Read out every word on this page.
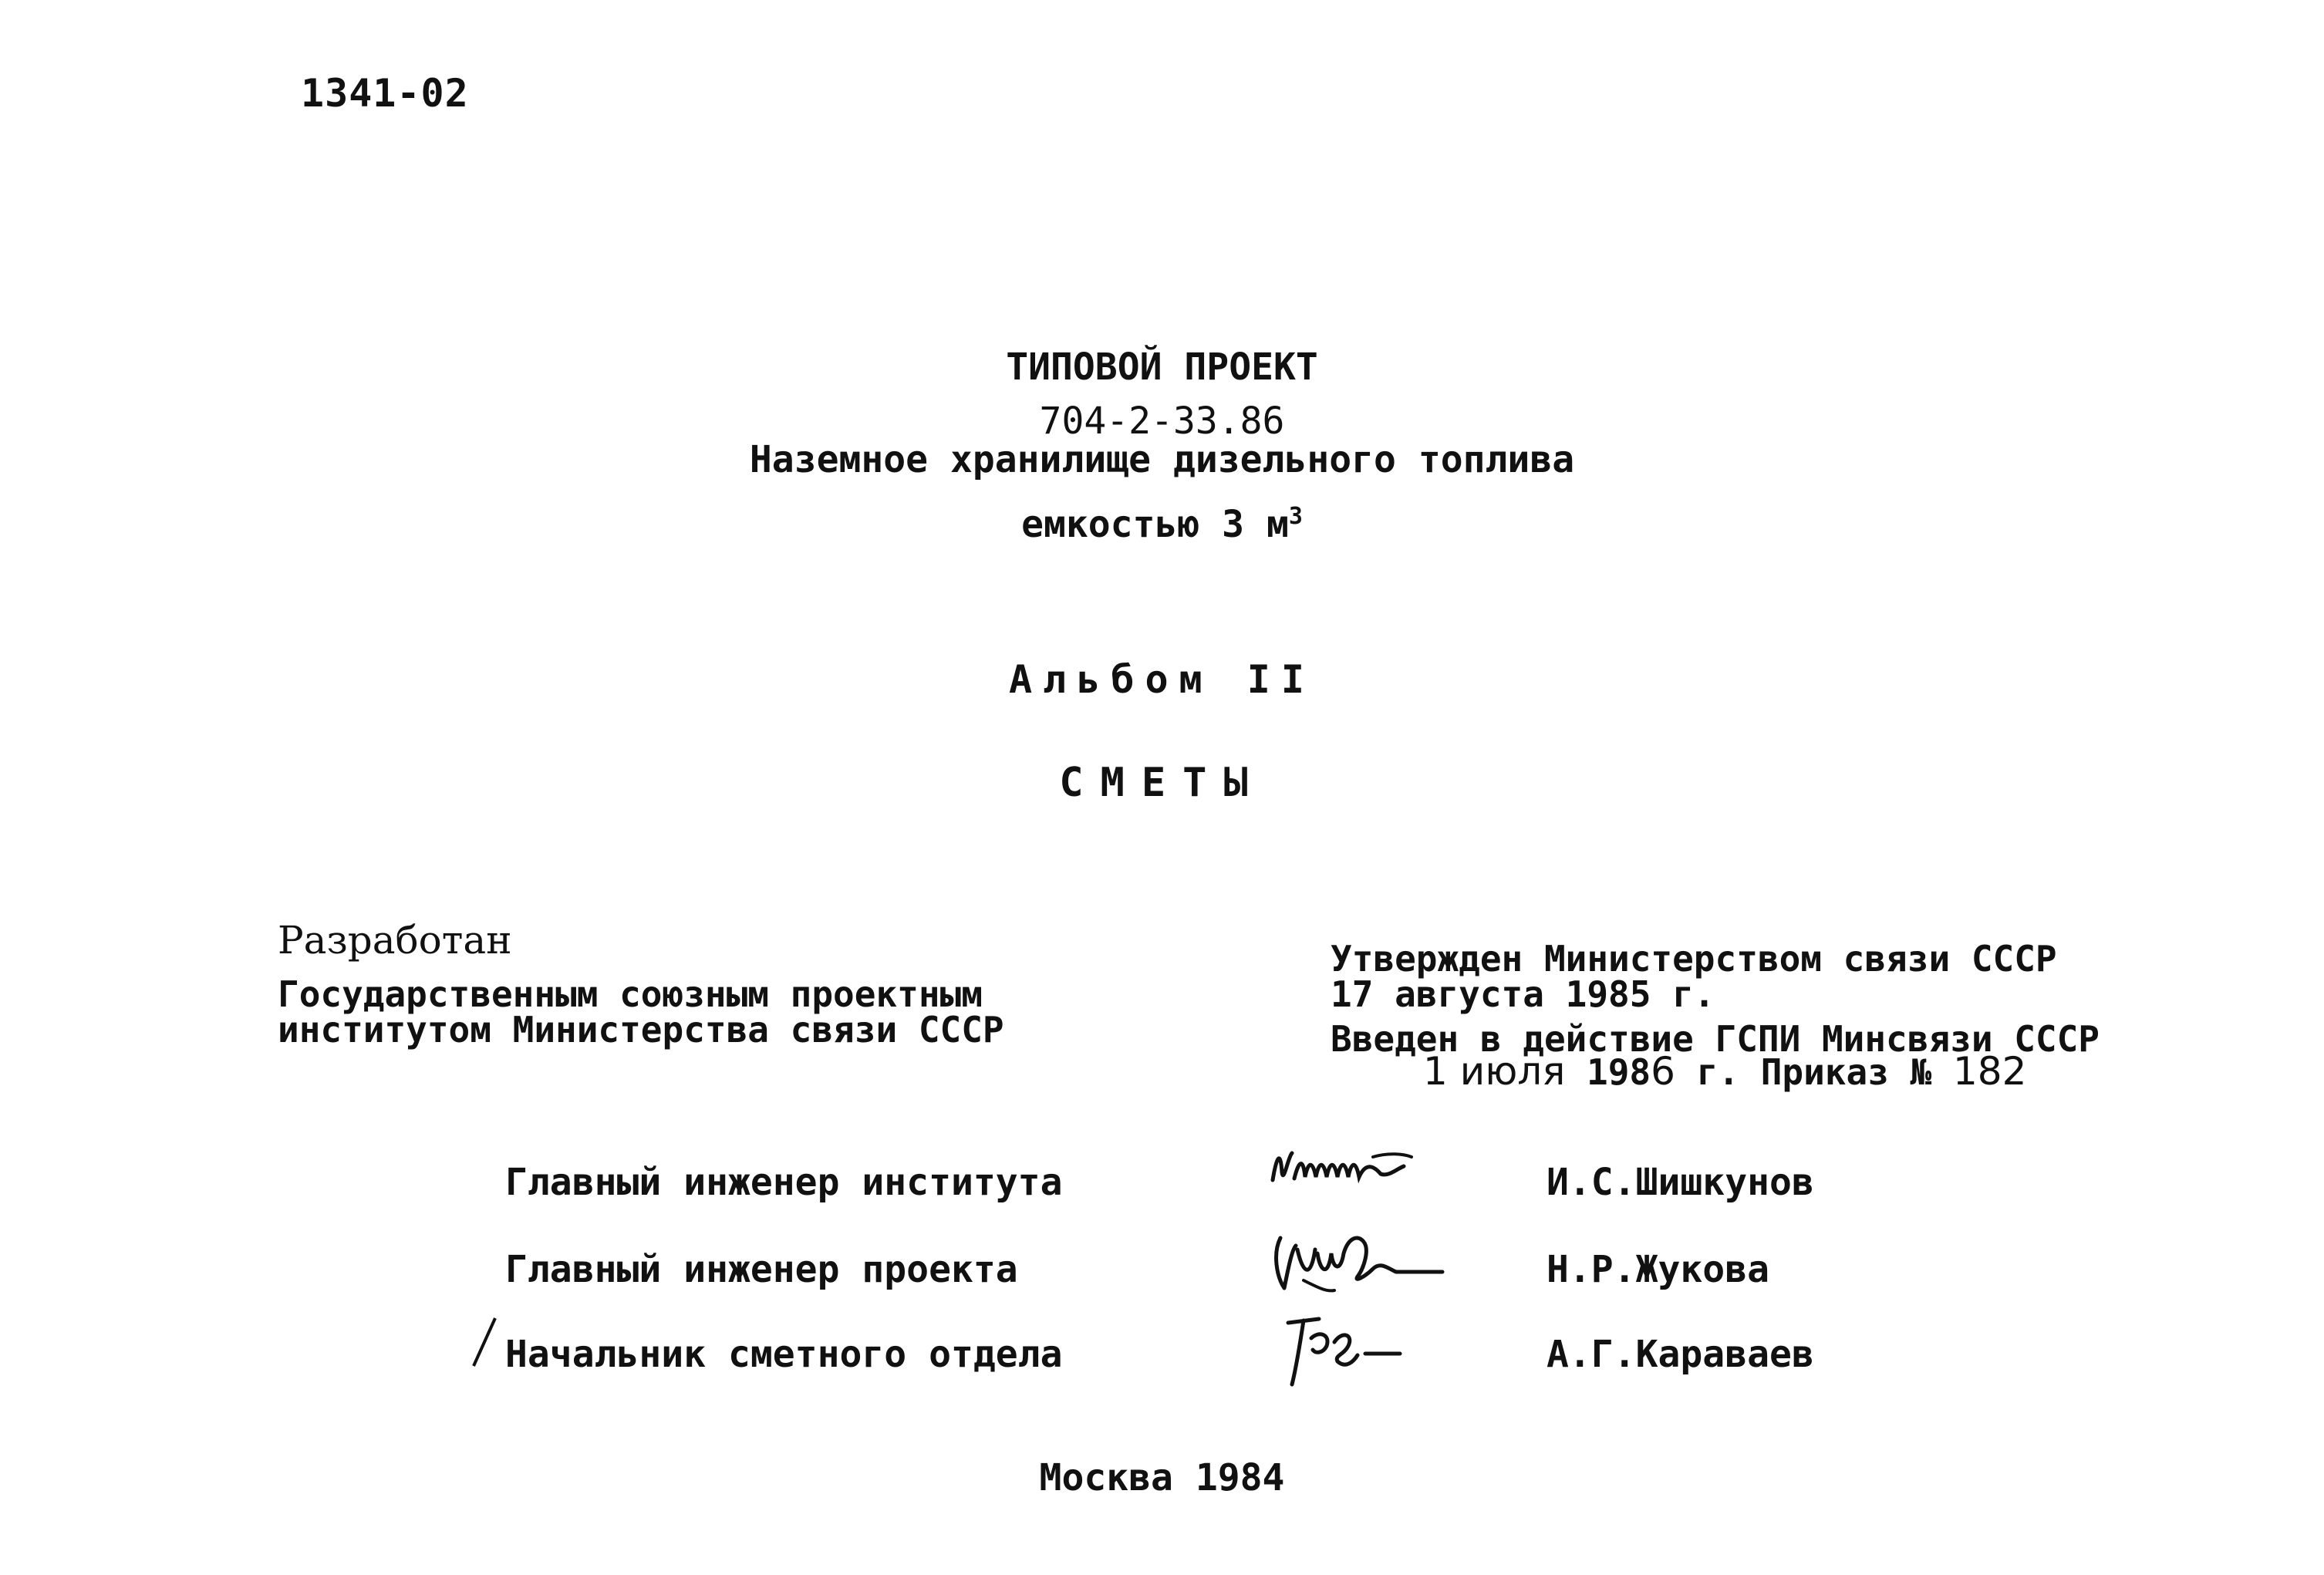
1341-02
ТИПОВОЙ ПРОЕКТ
704-2-33.86
Наземное хранилище дизельного топлива
емкостью 3 $м^3$
Альбом II
СМЕТЫ
Разработан
Государственным союзным проектным
институтом Министерства связи СССР
Утвержден Министерством связи СССР
17 августа 1985 г.
Введен в действие ГСПИ Минсвязи СССР
1 июля 1986 г. Приказ № 182
Главный инженер института
Главный инженер проекта
Начальник сметного отдела
И.С.Шишкунов
Н.Р.Жукова
А.Г.Караваев
Москва 1984
